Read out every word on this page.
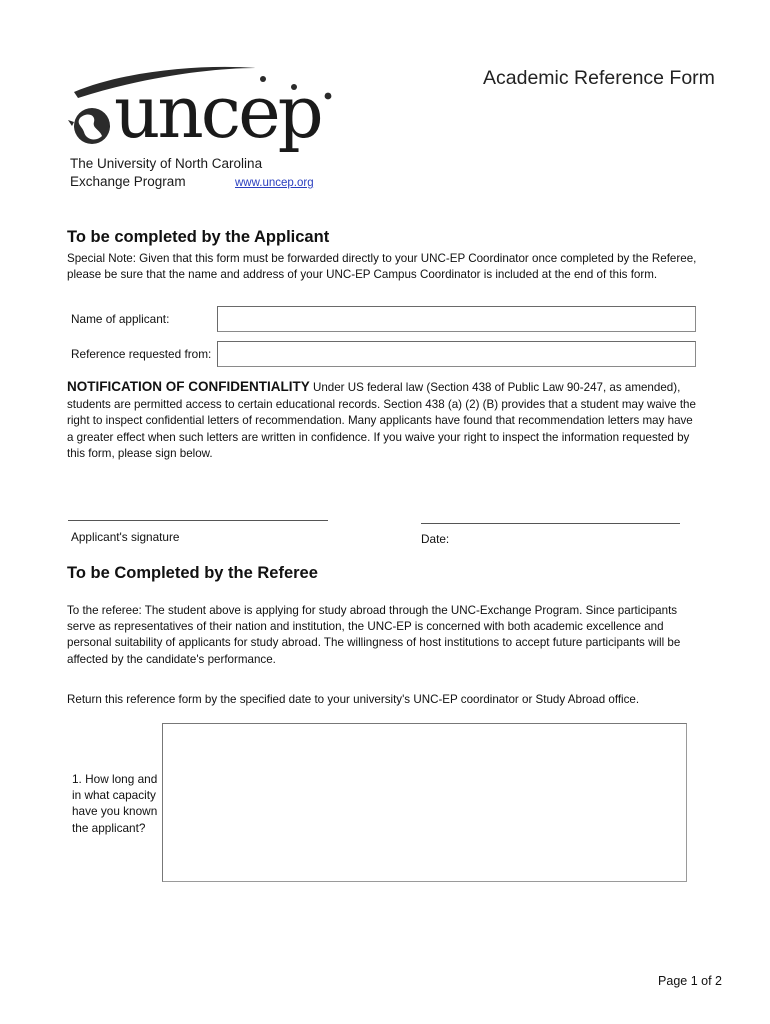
uncep
The University of North Carolina
Exchange Program	www.uncep.org
Academic Reference Form
To be completed by the Applicant
Special Note: Given that this form must be forwarded directly to your UNC-EP Coordinator once completed by the Referee, please be sure that the name and address of your UNC-EP Campus Coordinator is included at the end of this form.
Name of applicant:
Reference requested from:
NOTIFICATION OF CONFIDENTIALITY Under US federal law (Section 438 of Public Law 90-247, as amended), students are permitted access to certain educational records. Section 438 (a) (2) (B) provides that a student may waive the right to inspect confidential letters of recommendation. Many applicants have found that recommendation letters may have a greater effect when such letters are written in confidence. If you waive your right to inspect the information requested by this form, please sign below.
Applicant's signature	Date:
To be Completed by the Referee
To the referee: The student above is applying for study abroad through the UNC-Exchange Program. Since participants serve as representatives of their nation and institution, the UNC-EP is concerned with both academic excellence and personal suitability of applicants for study abroad. The willingness of host institutions to accept future participants will be affected by the candidate's performance.
Return this reference form by the specified date to your university's UNC-EP coordinator or Study Abroad office.
1. How long and in what capacity have you known the applicant?
Page 1 of 2
